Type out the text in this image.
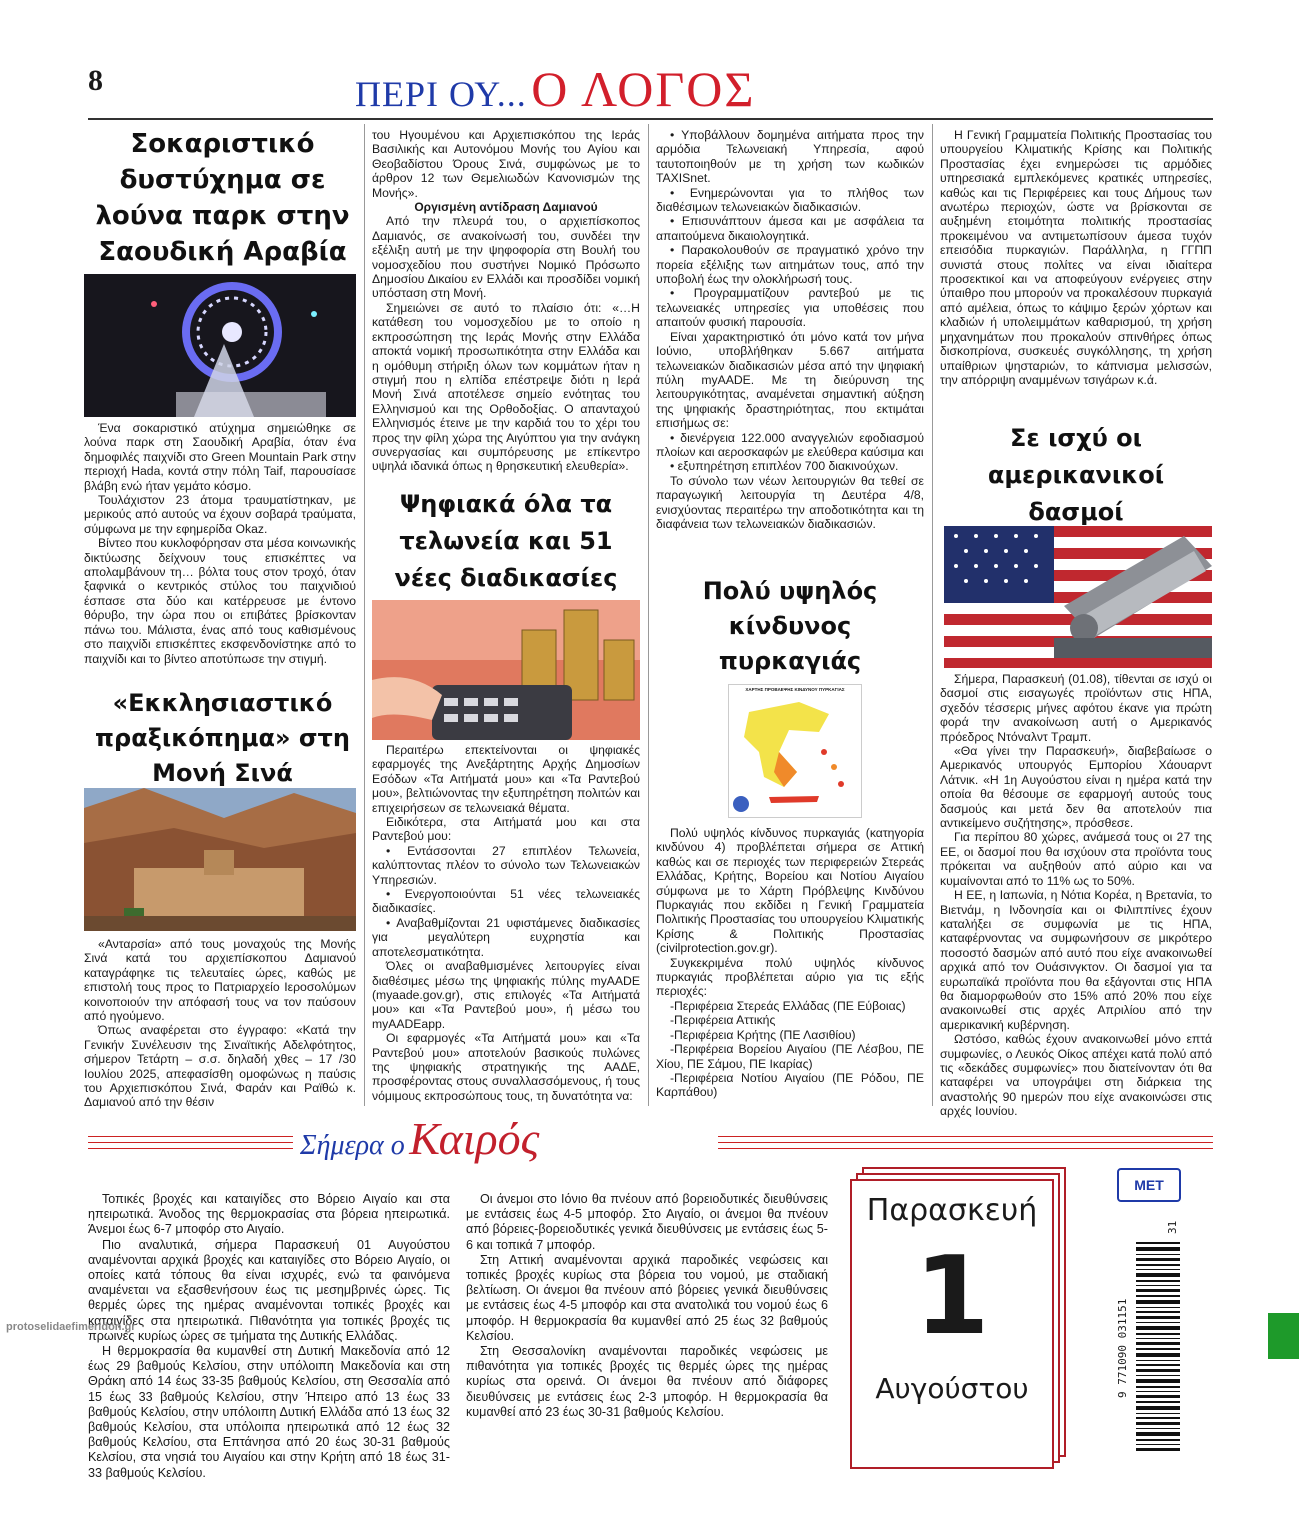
8	ΠΕΡΙ ΟΥ... Ο ΛΟΓΟΣ
Σοκαριστικό δυστύχημα σε λούνα παρκ στην Σαουδική Αραβία

Ένα σοκαριστικό ατύχημα σημειώθηκε σε λούνα παρκ στη Σαουδική Αραβία, όταν ένα δημοφιλές παιχνίδι στο Green Mountain Park στην περιοχή Hada, κοντά στην πόλη Taif, παρουσίασε βλάβη ενώ ήταν γεμάτο κόσμο.

Τουλάχιστον 23 άτομα τραυματίστηκαν, με μερικούς από αυτούς να έχουν σοβαρά τραύματα, σύμφωνα με την εφημερίδα Okaz.

Βίντεο που κυκλοφόρησαν στα μέσα κοινωνικής δικτύωσης δείχνουν τους επισκέπτες να απολαμβάνουν τη… βόλτα τους στον τροχό, όταν ξαφνικά ο κεντρικός στύλος του παιχνιδιού έσπασε στα δύο και κατέρρευσε με έντονο θόρυβο, την ώρα που οι επιβάτες βρίσκονταν πάνω του. Μάλιστα, ένας από τους καθισμένους στο παιχνίδι επισκέπτες εκσφενδονίστηκε από το παιχνίδι και το βίντεο αποτύπωσε την στιγμή.

«Εκκλησιαστικό πραξικόπημα» στη Μονή Σινά

«Ανταρσία» από τους μοναχούς της Μονής Σινά κατά του αρχιεπίσκοπου Δαμιανού καταγράφηκε τις τελευταίες ώρες, καθώς με επιστολή τους προς το Πατριαρχείο Ιεροσολύμων κοινοποιούν την απόφασή τους να τον παύσουν από ηγούμενο.

Όπως αναφέρεται στο έγγραφο: «Κατά την Γενικήν Συνέλευσιν της Σιναϊτικής Αδελφότητος, σήμερον Τετάρτη – σ.σ. δηλαδή χθες – 17 /30 Ιουλίου 2025, απεφασίσθη ομοφώνως η παύσις του Αρχιεπισκόπου Σινά, Φαράν και Ραϊθώ κ. Δαμιανού από την θέσιν

του Ηγουμένου και Αρχιεπισκόπου της Ιεράς Βασιλικής και Αυτονόμου Μονής του Αγίου και Θεοβαδίστου Όρους Σινά, συμφώνως με το άρθρον 12 των Θεμελιωδών Κανονισμών της Μονής».

Οργισμένη αντίδραση Δαμιανού

Από την πλευρά του, ο αρχιεπίσκοπος Δαμιανός, σε ανακοίνωσή του, συνδέει την εξέλιξη αυτή με την ψηφοφορία στη Βουλή του νομοσχεδίου που συστήνει Νομικό Πρόσωπο Δημοσίου Δικαίου εν Ελλάδι και προσδίδει νομική υπόσταση στη Μονή.

Σημειώνει σε αυτό το πλαίσιο ότι: «…Η κατάθεση του νομοσχεδίου με το οποίο η εκπροσώπηση της Ιεράς Μονής στην Ελλάδα αποκτά νομική προσωπικότητα στην Ελλάδα και η ομόθυμη στήριξη όλων των κομμάτων ήταν η στιγμή που η ελπίδα επέστρεψε διότι η Ιερά Μονή Σινά αποτέλεσε σημείο ενότητας του Ελληνισμού και της Ορθοδοξίας. Ο απανταχού Ελληνισμός έτεινε με την καρδιά του το χέρι του προς την φίλη χώρα της Αιγύπτου για την ανάγκη συνεργασίας και συμπόρευσης με επίκεντρο υψηλά ιδανικά όπως η θρησκευτική ελευθερία».

Ψηφιακά όλα τα τελωνεία και 51 νέες διαδικασίες

Περαιτέρω επεκτείνονται οι ψηφιακές εφαρμογές της Ανεξάρτητης Αρχής Δημοσίων Εσόδων «Τα Αιτήματά μου» και «Τα Ραντεβού μου», βελτιώνοντας την εξυπηρέτηση πολιτών και επιχειρήσεων σε τελωνειακά θέματα.

Ειδικότερα, στα Αιτήματά μου και στα Ραντεβού μου:

• Εντάσσονται 27 επιπλέον Τελωνεία, καλύπτοντας πλέον το σύνολο των Τελωνειακών Υπηρεσιών.

• Ενεργοποιούνται 51 νέες τελωνειακές διαδικασίες.

• Αναβαθμίζονται 21 υφιστάμενες διαδικασίες για μεγαλύτερη ευχρηστία και αποτελεσματικότητα.

Όλες οι αναβαθμισμένες λειτουργίες είναι διαθέσιμες μέσω της ψηφιακής πύλης myAADE (myaade.gov.gr), στις επιλογές «Τα Αιτήματά μου» και «Τα Ραντεβού μου», ή μέσω του myAADEapp.

Οι εφαρμογές «Τα Αιτήματά μου» και «Τα Ραντεβού μου» αποτελούν βασικούς πυλώνες της ψηφιακής στρατηγικής της ΑΑΔΕ, προσφέροντας στους συναλλασσόμενους, ή τους νόμιμους εκπροσώπους τους, τη δυνατότητα να:

• Υποβάλλουν δομημένα αιτήματα προς την αρμόδια Τελωνειακή Υπηρεσία, αφού ταυτοποιηθούν με τη χρήση των κωδικών TAXISnet.

• Ενημερώνονται για το πλήθος των διαθέσιμων τελωνειακών διαδικασιών.

• Επισυνάπτουν άμεσα και με ασφάλεια τα απαιτούμενα δικαιολογητικά.

• Παρακολουθούν σε πραγματικό χρόνο την πορεία εξέλιξης των αιτημάτων τους, από την υποβολή έως την ολοκλήρωσή τους.

• Προγραμματίζουν ραντεβού με τις τελωνειακές υπηρεσίες για υποθέσεις που απαιτούν φυσική παρουσία.

Είναι χαρακτηριστικό ότι μόνο κατά τον μήνα Ιούνιο, υποβλήθηκαν 5.667 αιτήματα τελωνειακών διαδικασιών μέσα από την ψηφιακή πύλη myAADE. Με τη διεύρυνση της λειτουργικότητας, αναμένεται σημαντική αύξηση της ψηφιακής δραστηριότητας, που εκτιμάται επισήμως σε:

• διενέργεια 122.000 αναγγελιών εφοδιασμού πλοίων και αεροσκαφών με ελεύθερα καύσιμα και

• εξυπηρέτηση επιπλέον 700 διακινούχων.

Το σύνολο των νέων λειτουργιών θα τεθεί σε παραγωγική λειτουργία τη Δευτέρα 4/8, ενισχύοντας περαιτέρω την αποδοτικότητα και τη διαφάνεια των τελωνειακών διαδικασιών.

Πολύ υψηλός κίνδυνος πυρκαγιάς
ΧΑΡΤΗΣ ΠΡΟΒΛΕΨΗΣ ΚΙΝΔΥΝΟΥ ΠΥΡΚΑΓΙΑΣ

Πολύ υψηλός κίνδυνος πυρκαγιάς (κατηγορία κινδύνου 4) προβλέπεται σήμερα σε Αττική καθώς και σε περιοχές των περιφερειών Στερεάς Ελλάδας, Κρήτης, Βορείου και Νοτίου Αιγαίου σύμφωνα με το Χάρτη Πρόβλεψης Κινδύνου Πυρκαγιάς που εκδίδει η Γενική Γραμματεία Πολιτικής Προστασίας του υπουργείου Κλιματικής Κρίσης & Πολιτικής Προστασίας (civilprotection.gov.gr).

Συγκεκριμένα πολύ υψηλός κίνδυνος πυρκαγιάς προβλέπεται αύριο για τις εξής περιοχές:

-Περιφέρεια Στερεάς Ελλάδας (ΠΕ Εύβοιας)

-Περιφέρεια Αττικής

-Περιφέρεια Κρήτης (ΠΕ Λασιθίου)

-Περιφέρεια Βορείου Αιγαίου (ΠΕ Λέσβου, ΠΕ Χίου, ΠΕ Σάμου, ΠΕ Ικαρίας)

-Περιφέρεια Νοτίου Αιγαίου (ΠΕ Ρόδου, ΠΕ Καρπάθου)

Η Γενική Γραμματεία Πολιτικής Προστασίας του υπουργείου Κλιματικής Κρίσης και Πολιτικής Προστασίας έχει ενημερώσει τις αρμόδιες υπηρεσιακά εμπλεκόμενες κρατικές υπηρεσίες, καθώς και τις Περιφέρειες και τους Δήμους των ανωτέρω περιοχών, ώστε να βρίσκονται σε αυξημένη ετοιμότητα πολιτικής προστασίας προκειμένου να αντιμετωπίσουν άμεσα τυχόν επεισόδια πυρκαγιών. Παράλληλα, η ΓΓΠΠ συνιστά στους πολίτες να είναι ιδιαίτερα προσεκτικοί και να αποφεύγουν ενέργειες στην ύπαιθρο που μπορούν να προκαλέσουν πυρκαγιά από αμέλεια, όπως το κάψιμο ξερών χόρτων και κλαδιών ή υπολειμμάτων καθαρισμού, τη χρήση μηχανημάτων που προκαλούν σπινθήρες όπως δισκοπρίονα, συσκευές συγκόλλησης, τη χρήση υπαίθριων ψησταριών, το κάπνισμα μελισσών, την απόρριψη αναμμένων τσιγάρων κ.ά.

Σε ισχύ οι αμερικανικοί δασμοί

Σήμερα, Παρασκευή (01.08), τίθενται σε ισχύ οι δασμοί στις εισαγωγές προϊόντων στις ΗΠΑ, σχεδόν τέσσερις μήνες αφότου έκανε για πρώτη φορά την ανακοίνωση αυτή ο Αμερικανός πρόεδρος Ντόναλντ Τραμπ.

«Θα γίνει την Παρασκευή», διαβεβαίωσε ο Αμερικανός υπουργός Εμπορίου Χάουαρντ Λάτνικ. «Η 1η Αυγούστου είναι η ημέρα κατά την οποία θα θέσουμε σε εφαρμογή αυτούς τους δασμούς και μετά δεν θα αποτελούν πια αντικείμενο συζήτησης», πρόσθεσε.

Για περίπου 80 χώρες, ανάμεσά τους οι 27 της ΕΕ, οι δασμοί που θα ισχύουν στα προϊόντα τους πρόκειται να αυξηθούν από αύριο και να κυμαίνονται από το 11% ως το 50%.

Η ΕΕ, η Ιαπωνία, η Νότια Κορέα, η Βρετανία, το Βιετνάμ, η Ινδονησία και οι Φιλιππίνες έχουν καταλήξει σε συμφωνία με τις ΗΠΑ, καταφέρνοντας να συμφωνήσουν σε μικρότερο ποσοστό δασμών από αυτό που είχε ανακοινωθεί αρχικά από τον Ουάσινγκτον. Οι δασμοί για τα ευρωπαϊκά προϊόντα που θα εξάγονται στις ΗΠΑ θα διαμορφωθούν στο 15% από 20% που είχε ανακοινωθεί στις αρχές Απριλίου από την αμερικανική κυβέρνηση.

Ωστόσο, καθώς έχουν ανακοινωθεί μόνο επτά συμφωνίες, ο Λευκός Οίκος απέχει κατά πολύ από τις «δεκάδες συμφωνίες» που διατείνονταν ότι θα καταφέρει να υπογράψει στη διάρκεια της αναστολής 90 ημερών που είχε ανακοινώσει στις αρχές Ιουνίου.

Σήμερα ο Καιρός

Τοπικές βροχές και καταιγίδες στο Βόρειο Αιγαίο και στα ηπειρωτικά. Άνοδος της θερμοκρασίας στα βόρεια ηπειρωτικά. Άνεμοι έως 6-7 μποφόρ στο Αιγαίο.

Πιο αναλυτικά, σήμερα Παρασκευή 01 Αυγούστου αναμένονται αρχικά βροχές και καταιγίδες στο Βόρειο Αιγαίο, οι οποίες κατά τόπους θα είναι ισχυρές, ενώ τα φαινόμενα αναμένεται να εξασθενήσουν έως τις μεσημβρινές ώρες. Τις θερμές ώρες της ημέρας αναμένονται τοπικές βροχές και καταιγίδες στα ηπειρωτικά. Πιθανότητα για τοπικές βροχές τις πρωινές κυρίως ώρες σε τμήματα της Δυτικής Ελλάδας.

Η θερμοκρασία θα κυμανθεί στη Δυτική Μακεδονία από 12 έως 29 βαθμούς Κελσίου, στην υπόλοιπη Μακεδονία και στη Θράκη από 14 έως 33-35 βαθμούς Κελσίου, στη Θεσσαλία από 15 έως 33 βαθμούς Κελσίου, στην Ήπειρο από 13 έως 33 βαθμούς Κελσίου, στην υπόλοιπη Δυτική Ελλάδα από 13 έως 32 βαθμούς Κελσίου, στα υπόλοιπα ηπειρωτικά από 12 έως 32 βαθμούς Κελσίου, στα Επτάνησα από 20 έως 30-31 βαθμούς Κελσίου, στα νησιά του Αιγαίου και στην Κρήτη από 18 έως 31-33 βαθμούς Κελσίου.

Οι άνεμοι στο Ιόνιο θα πνέουν από βορειοδυτικές διευθύνσεις με εντάσεις έως 4-5 μποφόρ. Στο Αιγαίο, οι άνεμοι θα πνέουν από βόρειες-βορειοδυτικές γενικά διευθύνσεις με εντάσεις έως 5-6 και τοπικά 7 μποφόρ.

Στη Αττική αναμένονται αρχικά παροδικές νεφώσεις και τοπικές βροχές κυρίως στα βόρεια του νομού, με σταδιακή βελτίωση. Οι άνεμοι θα πνέουν από βόρειες γενικά διευθύνσεις με εντάσεις έως 4-5 μποφόρ και στα ανατολικά του νομού έως 6 μποφόρ. Η θερμοκρασία θα κυμανθεί από 25 έως 32 βαθμούς Κελσίου.

Στη Θεσσαλονίκη αναμένονται παροδικές νεφώσεις με πιθανότητα για τοπικές βροχές τις θερμές ώρες της ημέρας κυρίως στα ορεινά. Οι άνεμοι θα πνέουν από διάφορες διευθύνσεις με εντάσεις έως 2-3 μποφόρ. Η θερμοκρασία θα κυμανθεί από 23 έως 30-31 βαθμούς Κελσίου.

Παρασκευή
1
Αυγούστου
ΜΕΤ
9 771090 031151
31
protoselidaefimeridon.gr
